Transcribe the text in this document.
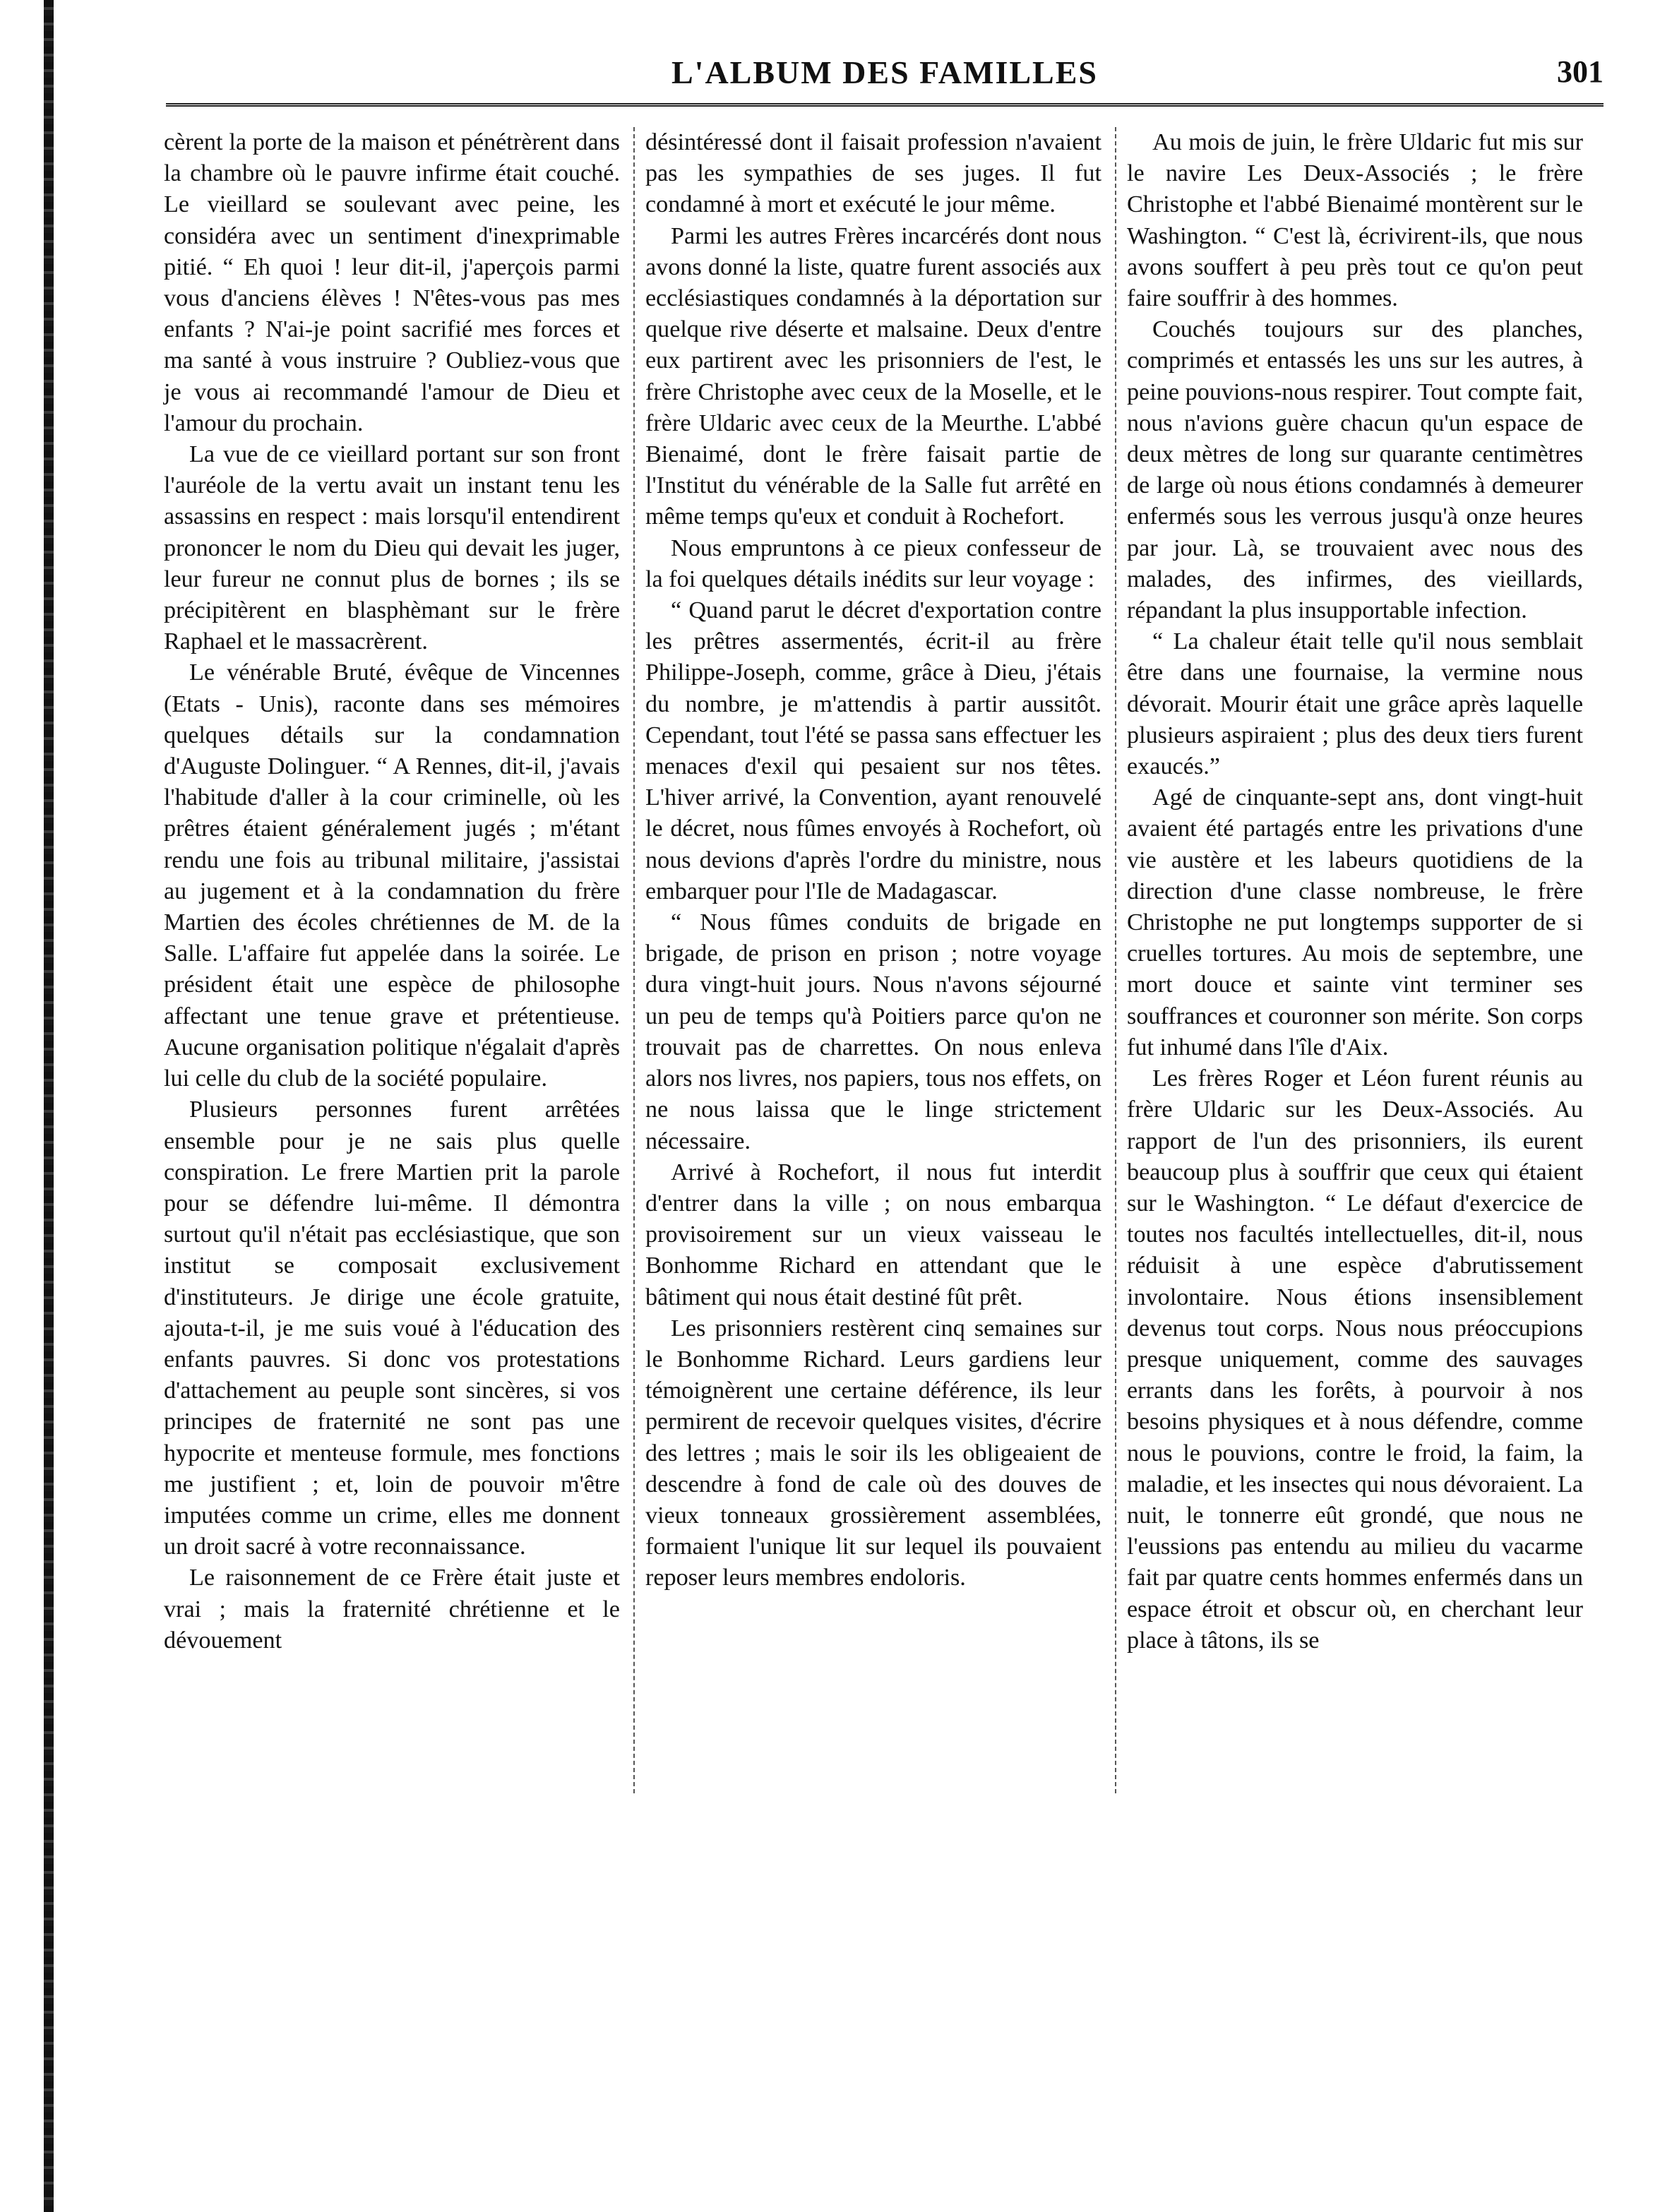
L'ALBUM DES FAMILLES	301

cèrent la porte de la maison et pénétrèrent dans la chambre où le pauvre infirme était couché. Le vieillard se soulevant avec peine, les considéra avec un sentiment d'inexprimable pitié. “ Eh quoi ! leur dit-il, j'aperçois parmi vous d'anciens élèves ! N'êtes-vous pas mes enfants ? N'ai-je point sacrifié mes forces et ma santé à vous instruire ? Oubliez-vous que je vous ai recommandé l'amour de Dieu et l'amour du prochain.

La vue de ce vieillard portant sur son front l'auréole de la vertu avait un instant tenu les assassins en respect : mais lorsqu'il entendirent prononcer le nom du Dieu qui devait les juger, leur fureur ne connut plus de bornes ; ils se précipitèrent en blasphèmant sur le frère Raphael et le massacrèrent.

Le vénérable Bruté, évêque de Vincennes (Etats - Unis), raconte dans ses mémoires quelques détails sur la condamnation d'Auguste Dolinguer. “ A Rennes, dit-il, j'avais l'habitude d'aller à la cour criminelle, où les prêtres étaient généralement jugés ; m'étant rendu une fois au tribunal militaire, j'assistai au jugement et à la condamnation du frère Martien des écoles chrétiennes de M. de la Salle. L'affaire fut appelée dans la soirée. Le président était une espèce de philosophe affectant une tenue grave et prétentieuse. Aucune organisation politique n'égalait d'après lui celle du club de la société populaire.

Plusieurs personnes furent arrêtées ensemble pour je ne sais plus quelle conspiration. Le frere Martien prit la parole pour se défendre lui-même. Il démontra surtout qu'il n'était pas ecclésiastique, que son institut se composait exclusivement d'instituteurs. Je dirige une école gratuite, ajouta-t-il, je me suis voué à l'éducation des enfants pauvres. Si donc vos protestations d'attachement au peuple sont sincères, si vos principes de fraternité ne sont pas une hypocrite et menteuse formule, mes fonctions me justifient ; et, loin de pouvoir m'être imputées comme un crime, elles me donnent un droit sacré à votre reconnaissance.

Le raisonnement de ce Frère était juste et vrai ; mais la fraternité chrétienne et le dévouement

désintéressé dont il faisait profession n'avaient pas les sympathies de ses juges. Il fut condamné à mort et exécuté le jour même.

Parmi les autres Frères incarcérés dont nous avons donné la liste, quatre furent associés aux ecclésiastiques condamnés à la déportation sur quelque rive déserte et malsaine. Deux d'entre eux partirent avec les prisonniers de l'est, le frère Christophe avec ceux de la Moselle, et le frère Uldaric avec ceux de la Meurthe. L'abbé Bienaimé, dont le frère faisait partie de l'Institut du vénérable de la Salle fut arrêté en même temps qu'eux et conduit à Rochefort.

Nous empruntons à ce pieux confesseur de la foi quelques détails inédits sur leur voyage :

“ Quand parut le décret d'exportation contre les prêtres assermentés, écrit-il au frère Philippe-Joseph, comme, grâce à Dieu, j'étais du nombre, je m'attendis à partir aussitôt. Cependant, tout l'été se passa sans effectuer les menaces d'exil qui pesaient sur nos têtes. L'hiver arrivé, la Convention, ayant renouvelé le décret, nous fûmes envoyés à Rochefort, où nous devions d'après l'ordre du ministre, nous embarquer pour l'Ile de Madagascar.

“ Nous fûmes conduits de brigade en brigade, de prison en prison ; notre voyage dura vingt-huit jours. Nous n'avons séjourné un peu de temps qu'à Poitiers parce qu'on ne trouvait pas de charrettes. On nous enleva alors nos livres, nos papiers, tous nos effets, on ne nous laissa que le linge strictement nécessaire.

Arrivé à Rochefort, il nous fut interdit d'entrer dans la ville ; on nous embarqua provisoirement sur un vieux vaisseau le Bonhomme Richard en attendant que le bâtiment qui nous était destiné fût prêt.

Les prisonniers restèrent cinq semaines sur le Bonhomme Richard. Leurs gardiens leur témoignèrent une certaine déférence, ils leur permirent de recevoir quelques visites, d'écrire des lettres ; mais le soir ils les obligeaient de descendre à fond de cale où des douves de vieux tonneaux grossièrement assemblées, formaient l'unique lit sur lequel ils pouvaient reposer leurs membres endoloris.

Au mois de juin, le frère Uldaric fut mis sur le navire Les Deux-Associés ; le frère Christophe et l'abbé Bienaimé montèrent sur le Washington. “ C'est là, écrivirent-ils, que nous avons souffert à peu près tout ce qu'on peut faire souffrir à des hommes.

Couchés toujours sur des planches, comprimés et entassés les uns sur les autres, à peine pouvions-nous respirer. Tout compte fait, nous n'avions guère chacun qu'un espace de deux mètres de long sur quarante centimètres de large où nous étions condamnés à demeurer enfermés sous les verrous jusqu'à onze heures par jour. Là, se trouvaient avec nous des malades, des infirmes, des vieillards, répandant la plus insupportable infection.

“ La chaleur était telle qu'il nous semblait être dans une fournaise, la vermine nous dévorait. Mourir était une grâce après laquelle plusieurs aspiraient ; plus des deux tiers furent exaucés.”

Agé de cinquante-sept ans, dont vingt-huit avaient été partagés entre les privations d'une vie austère et les labeurs quotidiens de la direction d'une classe nombreuse, le frère Christophe ne put longtemps supporter de si cruelles tortures. Au mois de septembre, une mort douce et sainte vint terminer ses souffrances et couronner son mérite. Son corps fut inhumé dans l'île d'Aix.

Les frères Roger et Léon furent réunis au frère Uldaric sur les Deux-Associés. Au rapport de l'un des prisonniers, ils eurent beaucoup plus à souffrir que ceux qui étaient sur le Washington. “ Le défaut d'exercice de toutes nos facultés intellectuelles, dit-il, nous réduisit à une espèce d'abrutissement involontaire. Nous étions insensiblement devenus tout corps. Nous nous préoccupions presque uniquement, comme des sauvages errants dans les forêts, à pourvoir à nos besoins physiques et à nous défendre, comme nous le pouvions, contre le froid, la faim, la maladie, et les insectes qui nous dévoraient. La nuit, le tonnerre eût grondé, que nous ne l'eussions pas entendu au milieu du vacarme fait par quatre cents hommes enfermés dans un espace étroit et obscur où, en cherchant leur place à tâtons, ils se
